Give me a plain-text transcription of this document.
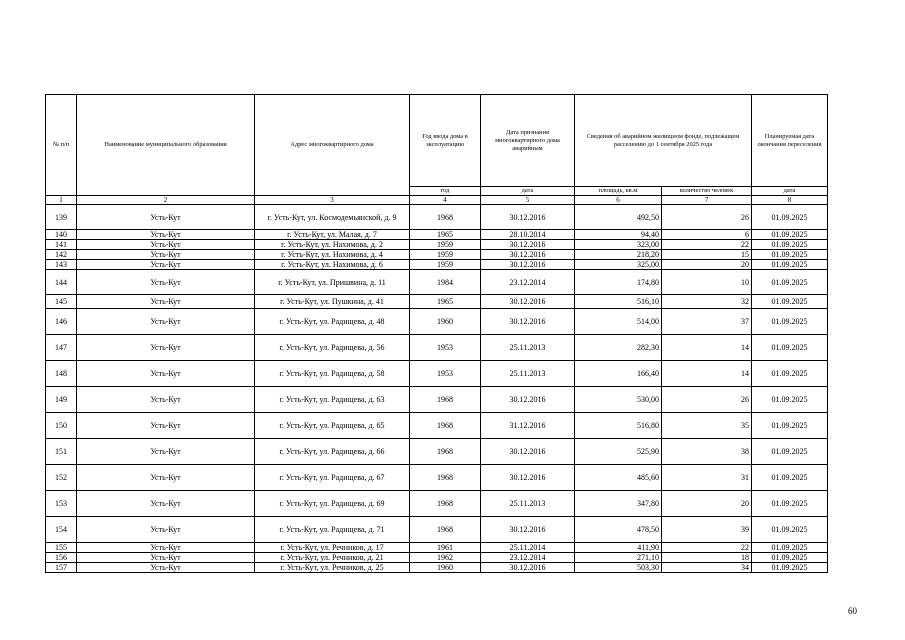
№ п/п	Наименование муниципального образования	Адрес многоквартирного дома	Год ввода дома в эксплуатацию	Дата признания многоквартирного дома аварийным	Сведения об аварийном жилищном фонде, подлежащем расселению до 1 сентября 2025 года		Планируемая дата окончания переселения
			год	дата	площадь, кв.м	количество человек	дата
1	2	3	4	5	6	7	8
139	Усть-Кут	г. Усть-Кут, ул. Космодемьянской, д. 9	1968	30.12.2016	492,50	26	01.09.2025
140	Усть-Кут	г. Усть-Кут, ул. Малая, д. 7	1965	28.10.2014	94,40	6	01.09.2025
141	Усть-Кут	г. Усть-Кут, ул. Нахимова, д. 2	1959	30.12.2016	323,00	22	01.09.2025
142	Усть-Кут	г. Усть-Кут, ул. Нахимова, д. 4	1959	30.12.2016	218,20	15	01.09.2025
143	Усть-Кут	г. Усть-Кут, ул. Нахимова, д. 6	1959	30.12.2016	325,00	20	01.09.2025
144	Усть-Кут	г. Усть-Кут, ул. Пришвина, д. 11	1984	23.12.2014	174,80	10	01.09.2025
145	Усть-Кут	г. Усть-Кут, ул. Пушкина, д. 41	1965	30.12.2016	516,10	32	01.09.2025
146	Усть-Кут	г. Усть-Кут, ул. Радищева, д. 48	1960	30.12.2016	514,00	37	01.09.2025
147	Усть-Кут	г. Усть-Кут, ул. Радищева, д. 56	1953	25.11.2013	282,30	14	01.09.2025
148	Усть-Кут	г. Усть-Кут, ул. Радищева, д. 58	1953	25.11.2013	166,40	14	01.09.2025
149	Усть-Кут	г. Усть-Кут, ул. Радищева, д. 63	1968	30.12.2016	530,00	26	01.09.2025
150	Усть-Кут	г. Усть-Кут, ул. Радищева, д. 65	1968	31.12.2016	516,80	35	01.09.2025
151	Усть-Кут	г. Усть-Кут, ул. Радищева, д. 66	1968	30.12.2016	525,90	38	01.09.2025
152	Усть-Кут	г. Усть-Кут, ул. Радищева, д. 67	1968	30.12.2016	485,60	31	01.09.2025
153	Усть-Кут	г. Усть-Кут, ул. Радищева, д. 69	1968	25.11.2013	347,80	20	01.09.2025
154	Усть-Кут	г. Усть-Кут, ул. Радищева, д. 71	1968	30.12.2016	478,50	39	01.09.2025
155	Усть-Кут	г. Усть-Кут, ул. Речников, д. 17	1961	25.11.2014	411,90	22	01.09.2025
156	Усть-Кут	г. Усть-Кут, ул. Речников, д. 21	1962	23.12.2014	271,10	18	01.09.2025
157	Усть-Кут	г. Усть-Кут, ул. Речников, д. 25	1960	30.12.2016	503,30	34	01.09.2025
60
